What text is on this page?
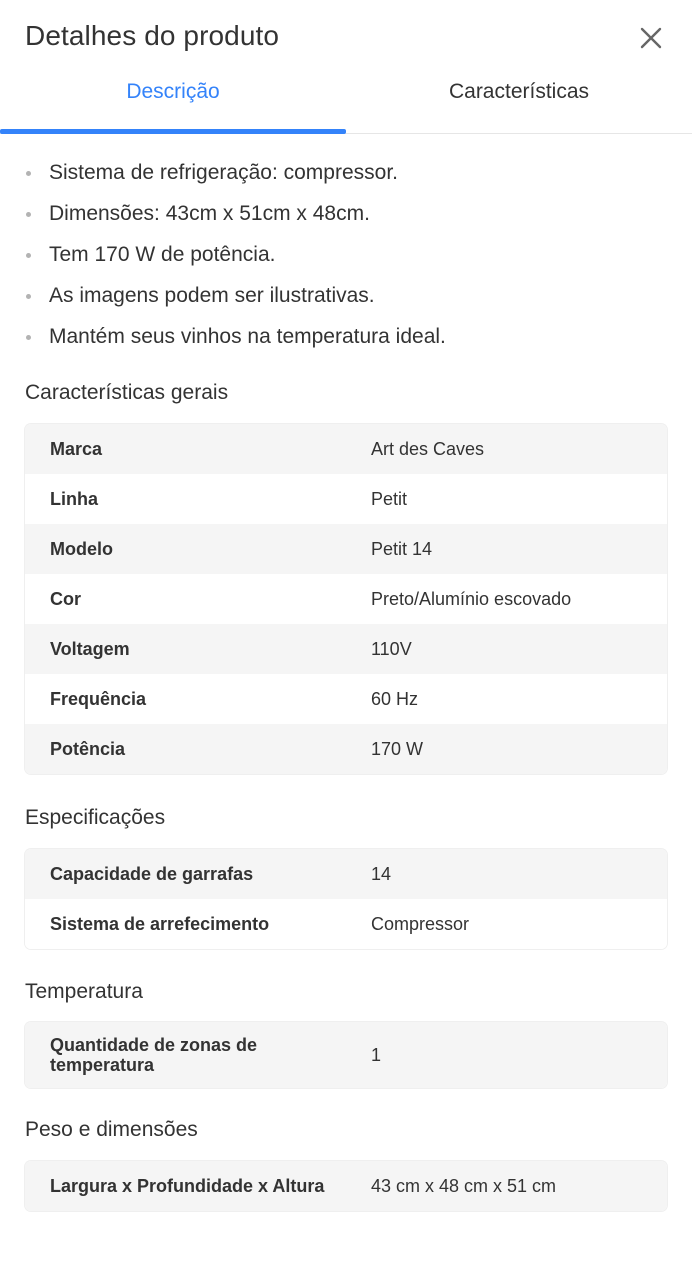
Detalhes do produto
Descrição	Características
Sistema de refrigeração: compressor.
Dimensões: 43cm x 51cm x 48cm.
Tem 170 W de potência.
As imagens podem ser ilustrativas.
Mantém seus vinhos na temperatura ideal.
Características gerais
Marca	Art des Caves
Linha	Petit
Modelo	Petit 14
Cor	Preto/Alumínio escovado
Voltagem	110V
Frequência	60 Hz
Potência	170 W
Especificações
Capacidade de garrafas	14
Sistema de arrefecimento	Compressor
Temperatura
Quantidade de zonas de temperatura	1
Peso e dimensões
Largura x Profundidade x Altura	43 cm x 48 cm x 51 cm
